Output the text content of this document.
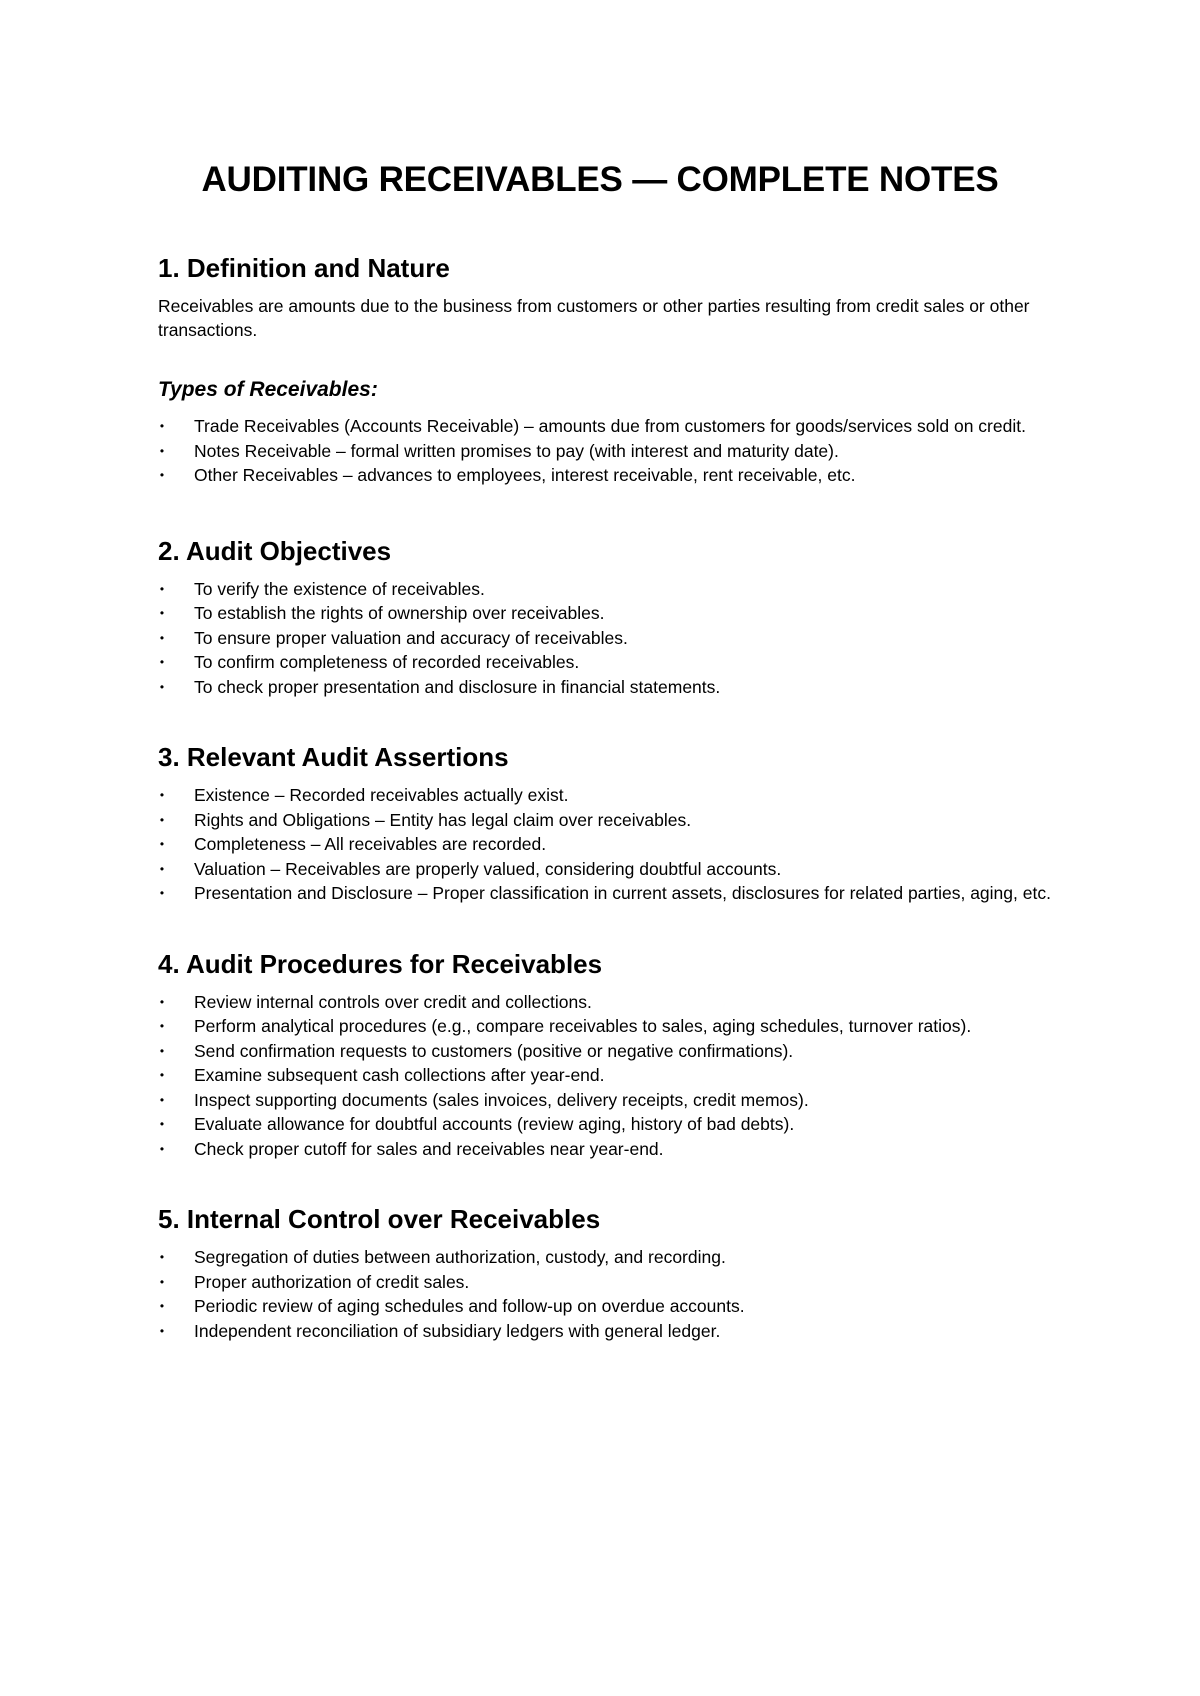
AUDITING RECEIVABLES — COMPLETE NOTES
1. Definition and Nature

Receivables are amounts due to the business from customers or other parties resulting from credit sales or other transactions.

Types of Receivables:
• Trade Receivables (Accounts Receivable) – amounts due from customers for goods/services sold on credit.
• Notes Receivable – formal written promises to pay (with interest and maturity date).
• Other Receivables – advances to employees, interest receivable, rent receivable, etc.
2. Audit Objectives
• To verify the existence of receivables.
• To establish the rights of ownership over receivables.
• To ensure proper valuation and accuracy of receivables.
• To confirm completeness of recorded receivables.
• To check proper presentation and disclosure in financial statements.
3. Relevant Audit Assertions
• Existence – Recorded receivables actually exist.
• Rights and Obligations – Entity has legal claim over receivables.
• Completeness – All receivables are recorded.
• Valuation – Receivables are properly valued, considering doubtful accounts.
• Presentation and Disclosure – Proper classification in current assets, disclosures for related parties, aging, etc.
4. Audit Procedures for Receivables
• Review internal controls over credit and collections.
• Perform analytical procedures (e.g., compare receivables to sales, aging schedules, turnover ratios).
• Send confirmation requests to customers (positive or negative confirmations).
• Examine subsequent cash collections after year-end.
• Inspect supporting documents (sales invoices, delivery receipts, credit memos).
• Evaluate allowance for doubtful accounts (review aging, history of bad debts).
• Check proper cutoff for sales and receivables near year-end.
5. Internal Control over Receivables
• Segregation of duties between authorization, custody, and recording.
• Proper authorization of credit sales.
• Periodic review of aging schedules and follow-up on overdue accounts.
• Independent reconciliation of subsidiary ledgers with general ledger.
